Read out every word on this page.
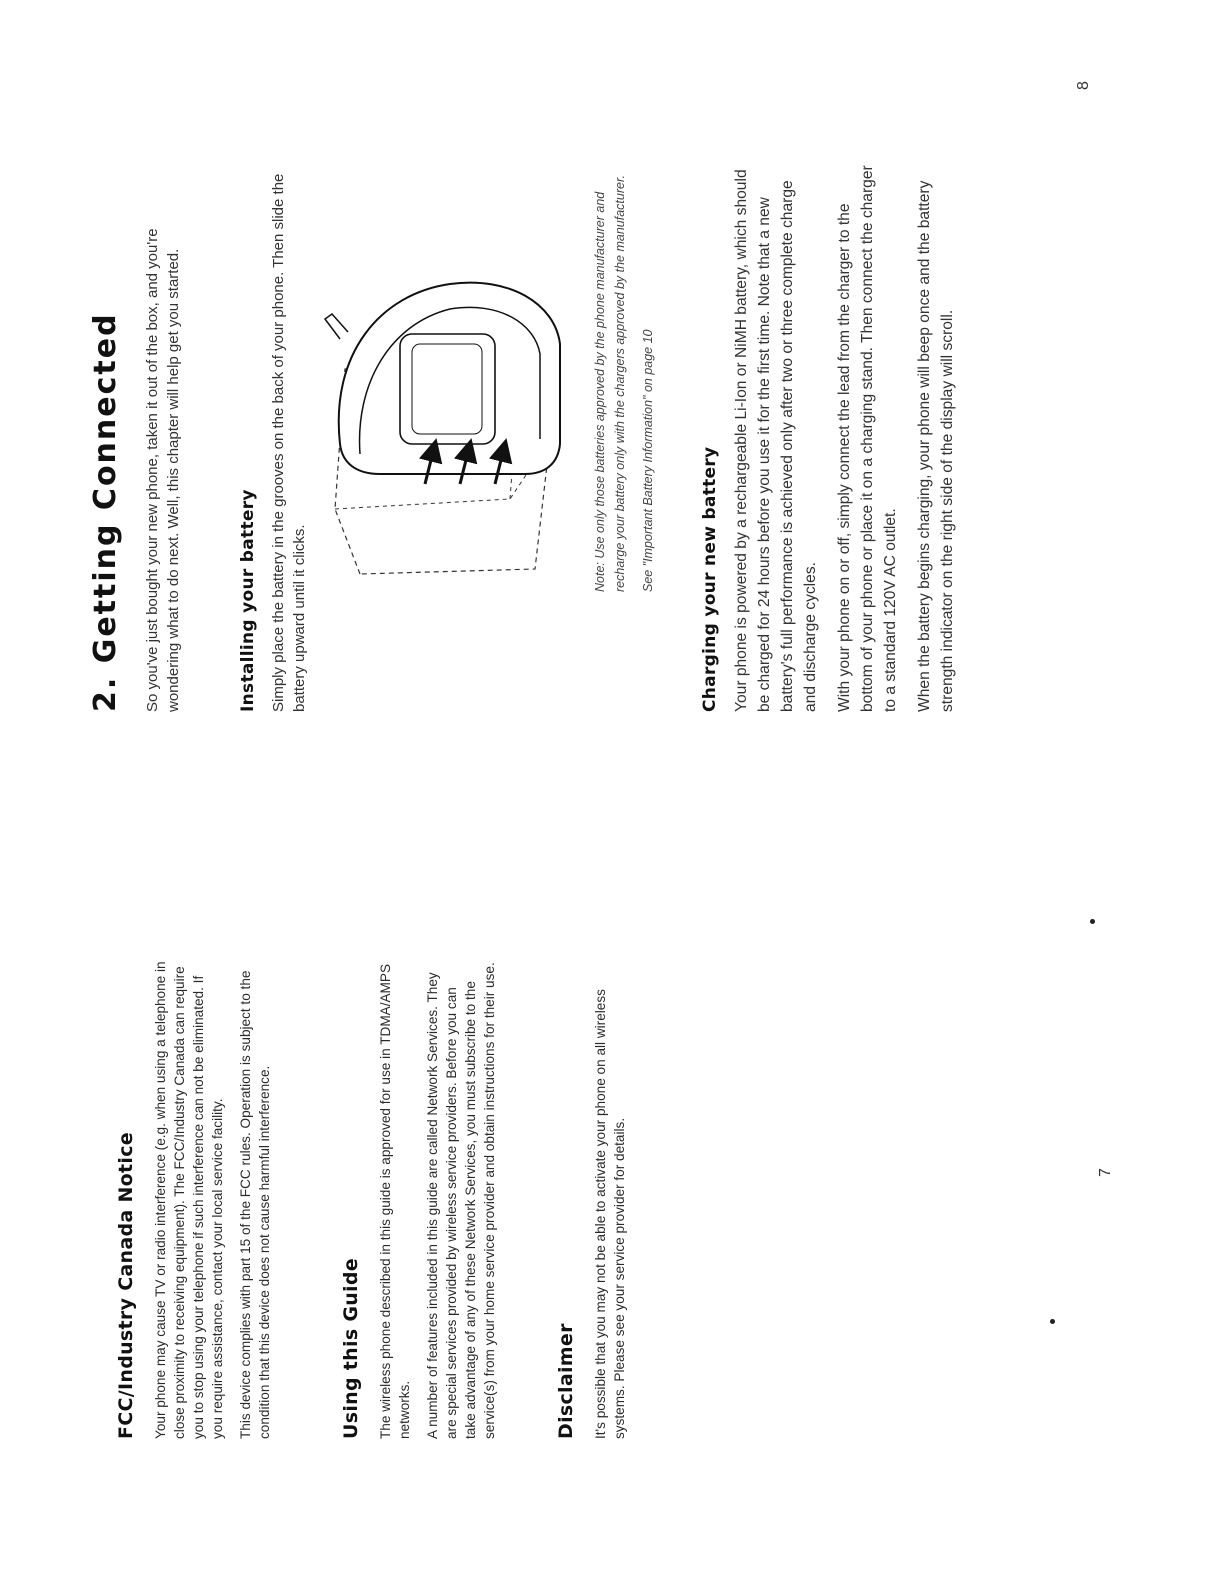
FCC/Industry Canada Notice Your phone may cause TV or radio interference (e.g. when using a telephone in close proximity to receiving equipment). The FCC/Industry Canada can require you to stop using your telephone if such interference can not be eliminated. If you require assistance, contact your local service facility. This device complies with part 15 of the FCC rules. Operation is subject to the condition that this device does not cause harmful interference.	Using this Guide The wireless phone described in this guide is approved for use in TDMA/AMPS networks. A number of features included in this guide are called Network Services. They are special services provided by wireless service providers. Before you can take advantage of any of these Network Services, you must subscribe to the service(s) from your home service provider and obtain instructions for their use.	Disclaimer It's possible that you may not be able to activate your phone on all wireless systems. Please see your service provider for details.	7
2. Getting Connected So you've just bought your new phone, taken it out of the box, and you're wondering what to do next. Well, this chapter will help get you started.	Installing your battery Simply place the battery in the grooves on the back of your phone. Then slide the battery upward until it clicks.

Note: Use only those batteries approved by the phone manufacturer and recharge your battery only with the chargers approved by the manufacturer. See "Important Battery Information" on page 10	Charging your new battery Your phone is powered by a rechargeable Li-Ion or NiMH battery, which should be charged for 24 hours before you use it for the first time. Note that a new battery's full performance is achieved only after two or three complete charge and discharge cycles. With your phone on or off, simply connect the lead from the charger to the bottom of your phone or place it on a charging stand. Then connect the charger to a standard 120V AC outlet. When the battery begins charging, your phone will beep once and the battery strength indicator on the right side of the display will scroll.

8
